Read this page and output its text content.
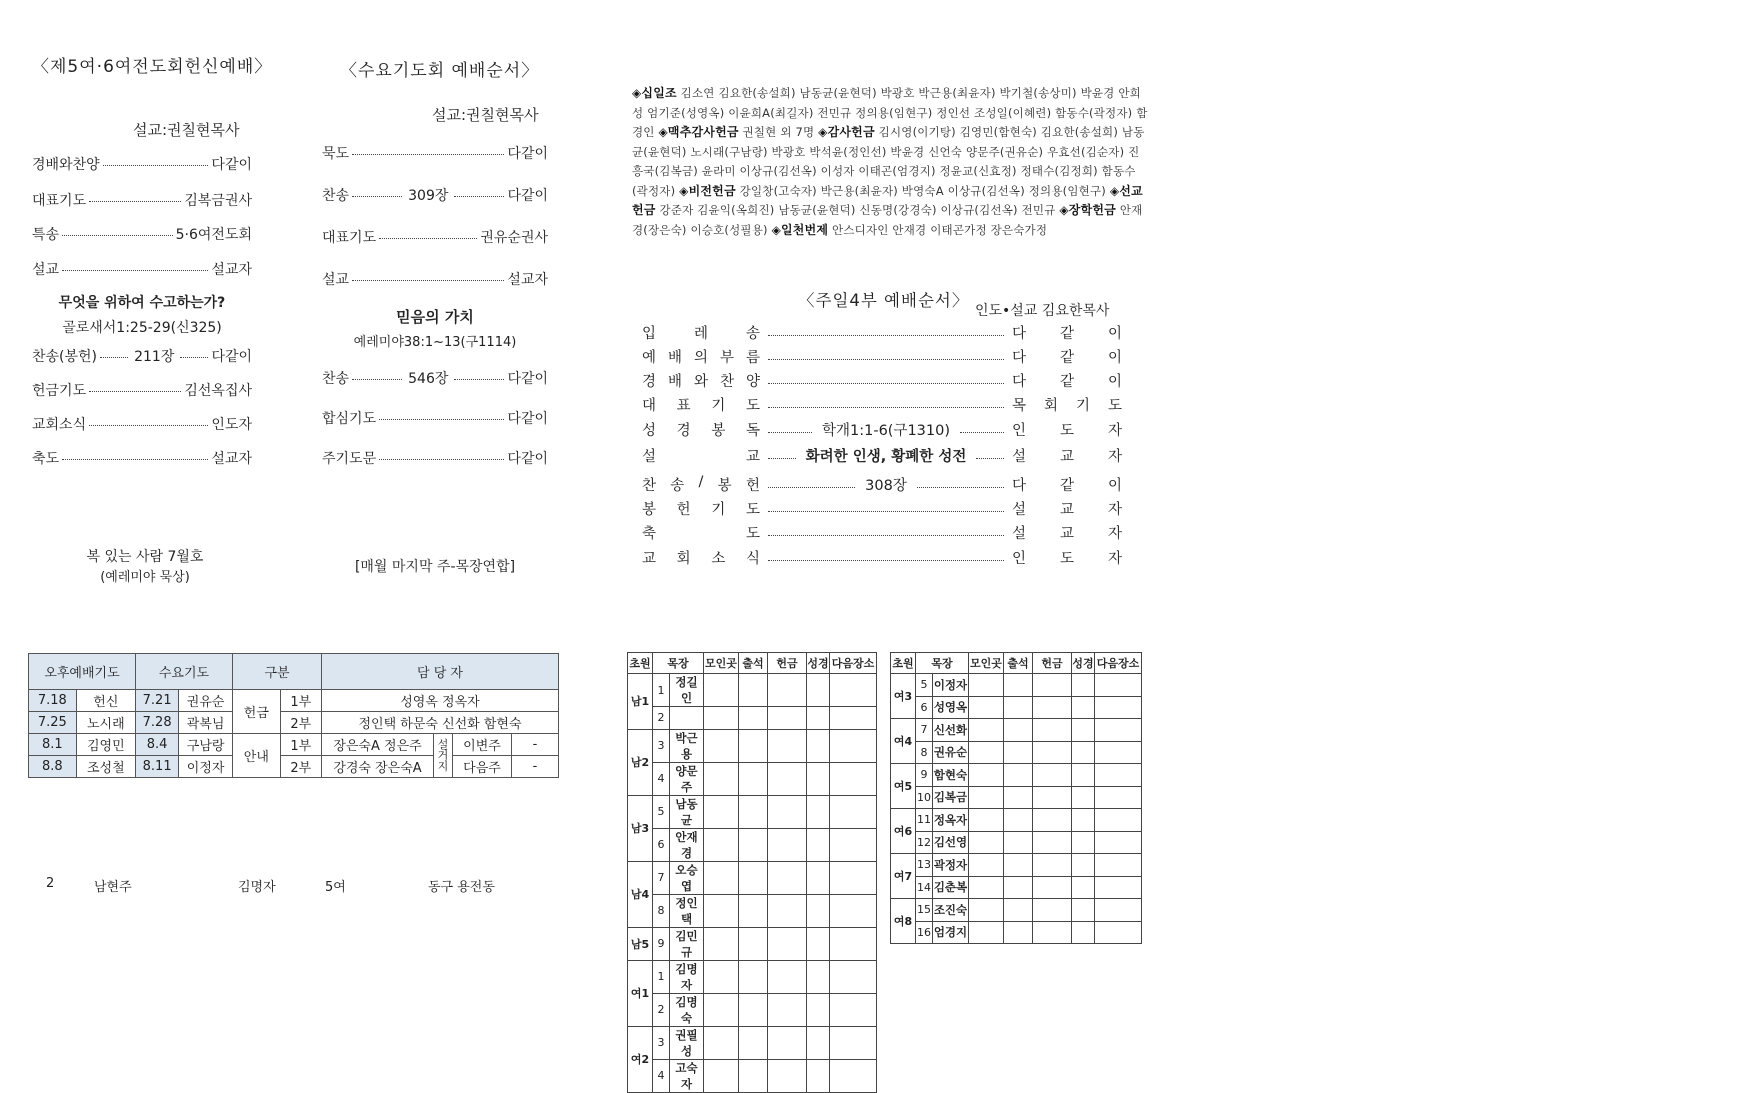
〈제5여·6여전도회헌신예배〉
설교:권칠현목사
경배와찬양	다같이
대표기도	김복금권사
특송	5·6여전도회
설교	설교자
무엇을 위하여 수고하는가?
골로새서1:25-29(신325)
찬송(봉헌)	211장	다같이
헌금기도	김선옥집사
교회소식	인도자
축도	설교자
복 있는 사람 7월호
(예레미야 묵상)
〈수요기도회 예배순서〉
설교:권칠현목사
묵도	다같이
찬송	309장	다같이
대표기도	권유순권사
설교	설교자
믿음의 가치
예레미야38:1~13(구1114)
찬송	546장	다같이
합심기도	다같이
주기도문	다같이
[매월 마지막 주-목장연합]
◈십일조 김소연 김요한(송설희) 남동균(윤현덕) 박광호 박근용(최윤자) 박기철(송상미) 박윤경 안희성 엄기준(성영옥) 이윤희A(최길자) 전민규 정의용(임현구) 정인선 조성일(이혜련) 함동수(곽정자) 함경인 ◈맥추감사헌금 권칠현 외 7명 ◈감사헌금 김시영(이기탕) 김영민(함현숙) 김요한(송설희) 남동균(윤현덕) 노시래(구남랑) 박광호 박석윤(정인선) 박윤경 신언숙 양문주(권유순) 우효선(김순자) 진흥국(김복금) 윤라미 이상규(김선옥) 이성자 이태곤(엄경지) 정윤교(신효정) 정태수(김정희) 함동수(곽정자) ◈비전헌금 강일창(고숙자) 박근용(최윤자) 박영숙A 이상규(김선옥) 정의용(임현구) ◈선교헌금 강준자 김윤익(옥희진) 남동균(윤현덕) 신동명(강경숙) 이상규(김선옥) 전민규 ◈장학헌금 안재경(장은숙) 이승호(성필용) ◈일천번제 안스디자인 안재경 이태곤가정 장은숙가정
〈주일4부 예배순서〉
인도•설교 김요한목사
입	레	송	다 같 이
예 배 의 부 름	다 같 이
경 배 와 찬 양	다 같 이
대 표 기 도	목 회 기 도
성 경 봉 독	학개1:1-6(구1310)	인 도 자
설	교	화려한 인생, 황폐한 성전	설 교 자
찬 송 / 봉 헌	308장	다 같 이
봉 헌 기 도	설 교 자
축	도	설 교 자
교 회 소 식	인 도 자
오후예배기도		수요기도		구분		담 당 자			
7.18	헌신	7.21	권유순	헌금	1부	성영옥 정옥자			
7.25	노시래	7.28	곽복님		2부	정인택 하문숙 신선화 함현숙			
8.1	김영민	8.4	구남랑	안내	1부	장은숙A 정은주	설거지	이변주	-
8.8	조성철	8.11	이정자		2부	강경숙 장은숙A		다음주	-
2	남현주	김명자	5여	동구 용전동
초원	목장		모인곳	출석	헌금	성경	다음장소
남1	1	정길인					
	2						
남2	3	박근용					
	4	양문주					
남3	5	남동균					
	6	안재경					
남4	7	오승엽					
	8	정인택					
남5	9	김민규					
여1	1	김명자					
	2	김명숙					
여2	3	권필성					
	4	고숙자					
초원	목장		모인곳	출석	헌금	성경	다음장소
여3	5	이정자					
	6	성영옥					
여4	7	신선화					
	8	권유순					
여5	9	함현숙					
	10	김복금					
여6	11	정옥자					
	12	김선영					
여7	13	곽정자					
	14	김춘복					
여8	15	조진숙					
	16	엄경지					
